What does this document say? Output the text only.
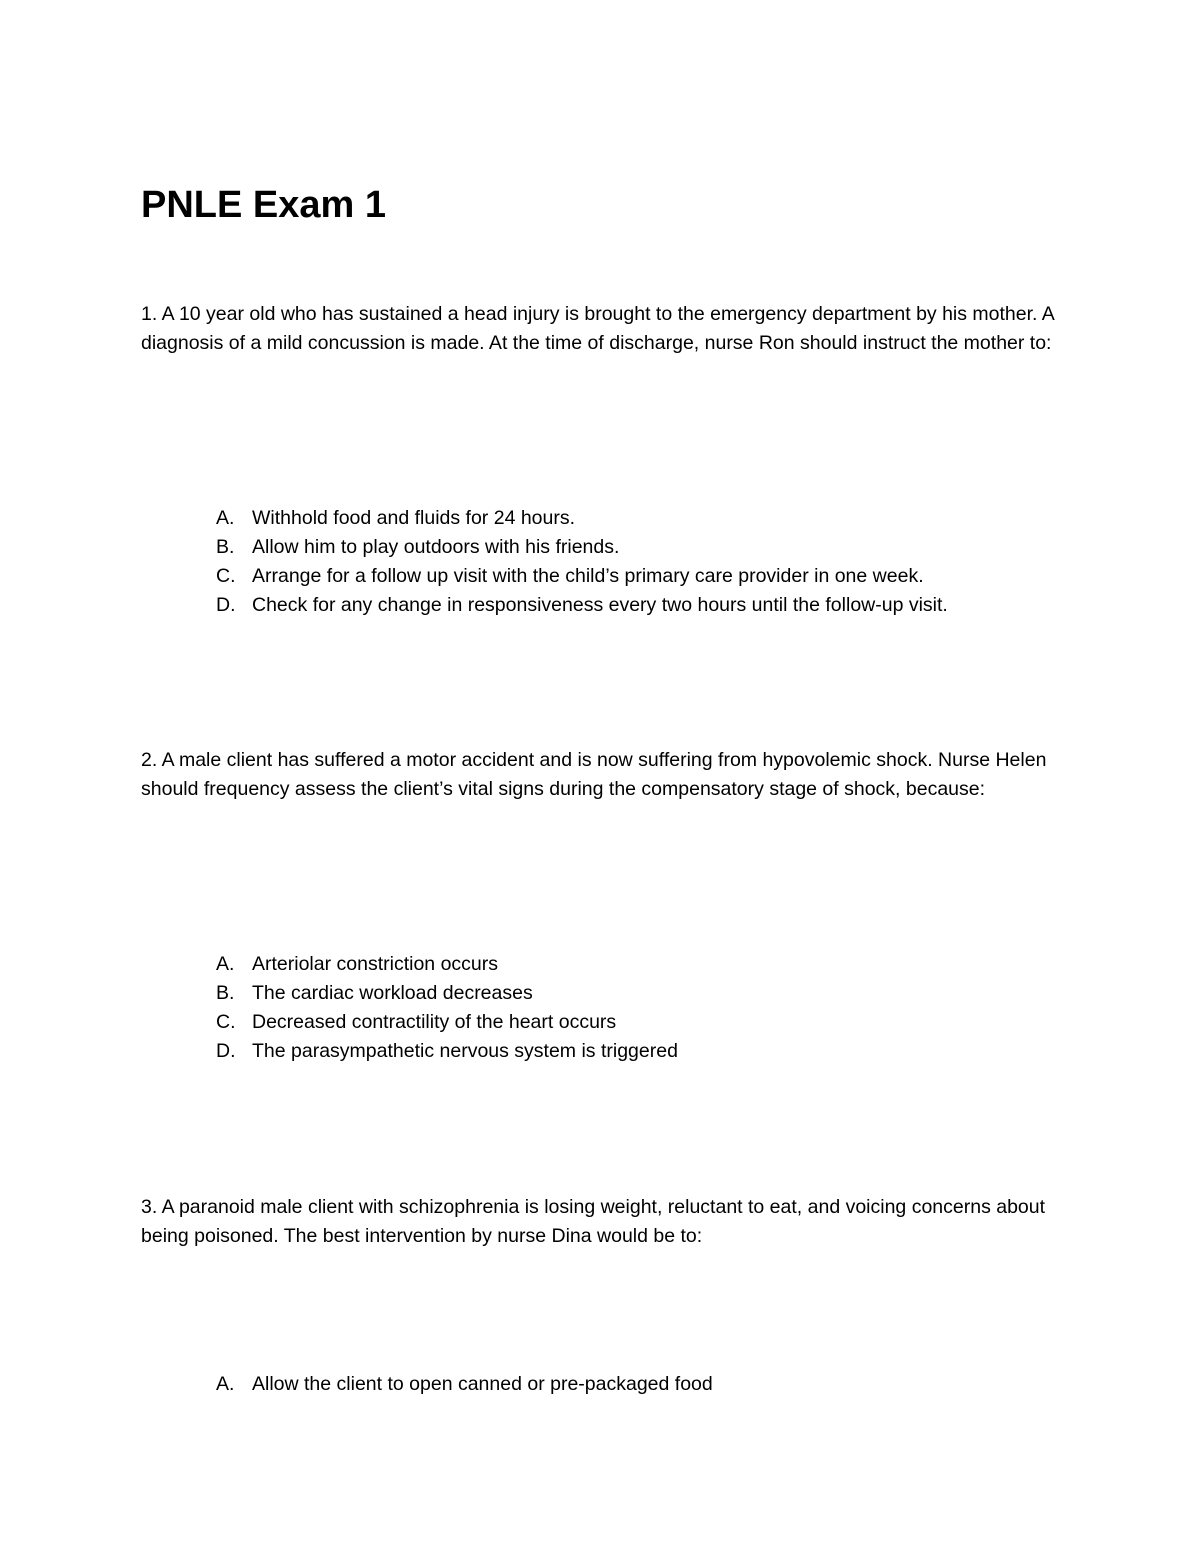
PNLE Exam 1

1. A 10 year old who has sustained a head injury is brought to the emergency department by his mother. A diagnosis of a mild concussion is made. At the time of discharge, nurse Ron should instruct the mother to:

A. Withhold food and fluids for 24 hours.
B. Allow him to play outdoors with his friends.
C. Arrange for a follow up visit with the child’s primary care provider in one week.
D. Check for any change in responsiveness every two hours until the follow-up visit.

2. A male client has suffered a motor accident and is now suffering from hypovolemic shock. Nurse Helen should frequency assess the client’s vital signs during the compensatory stage of shock, because:

A. Arteriolar constriction occurs
B. The cardiac workload decreases
C. Decreased contractility of the heart occurs
D. The parasympathetic nervous system is triggered

3. A paranoid male client with schizophrenia is losing weight, reluctant to eat, and voicing concerns about being poisoned. The best intervention by nurse Dina would be to:

A. Allow the client to open canned or pre-packaged food
